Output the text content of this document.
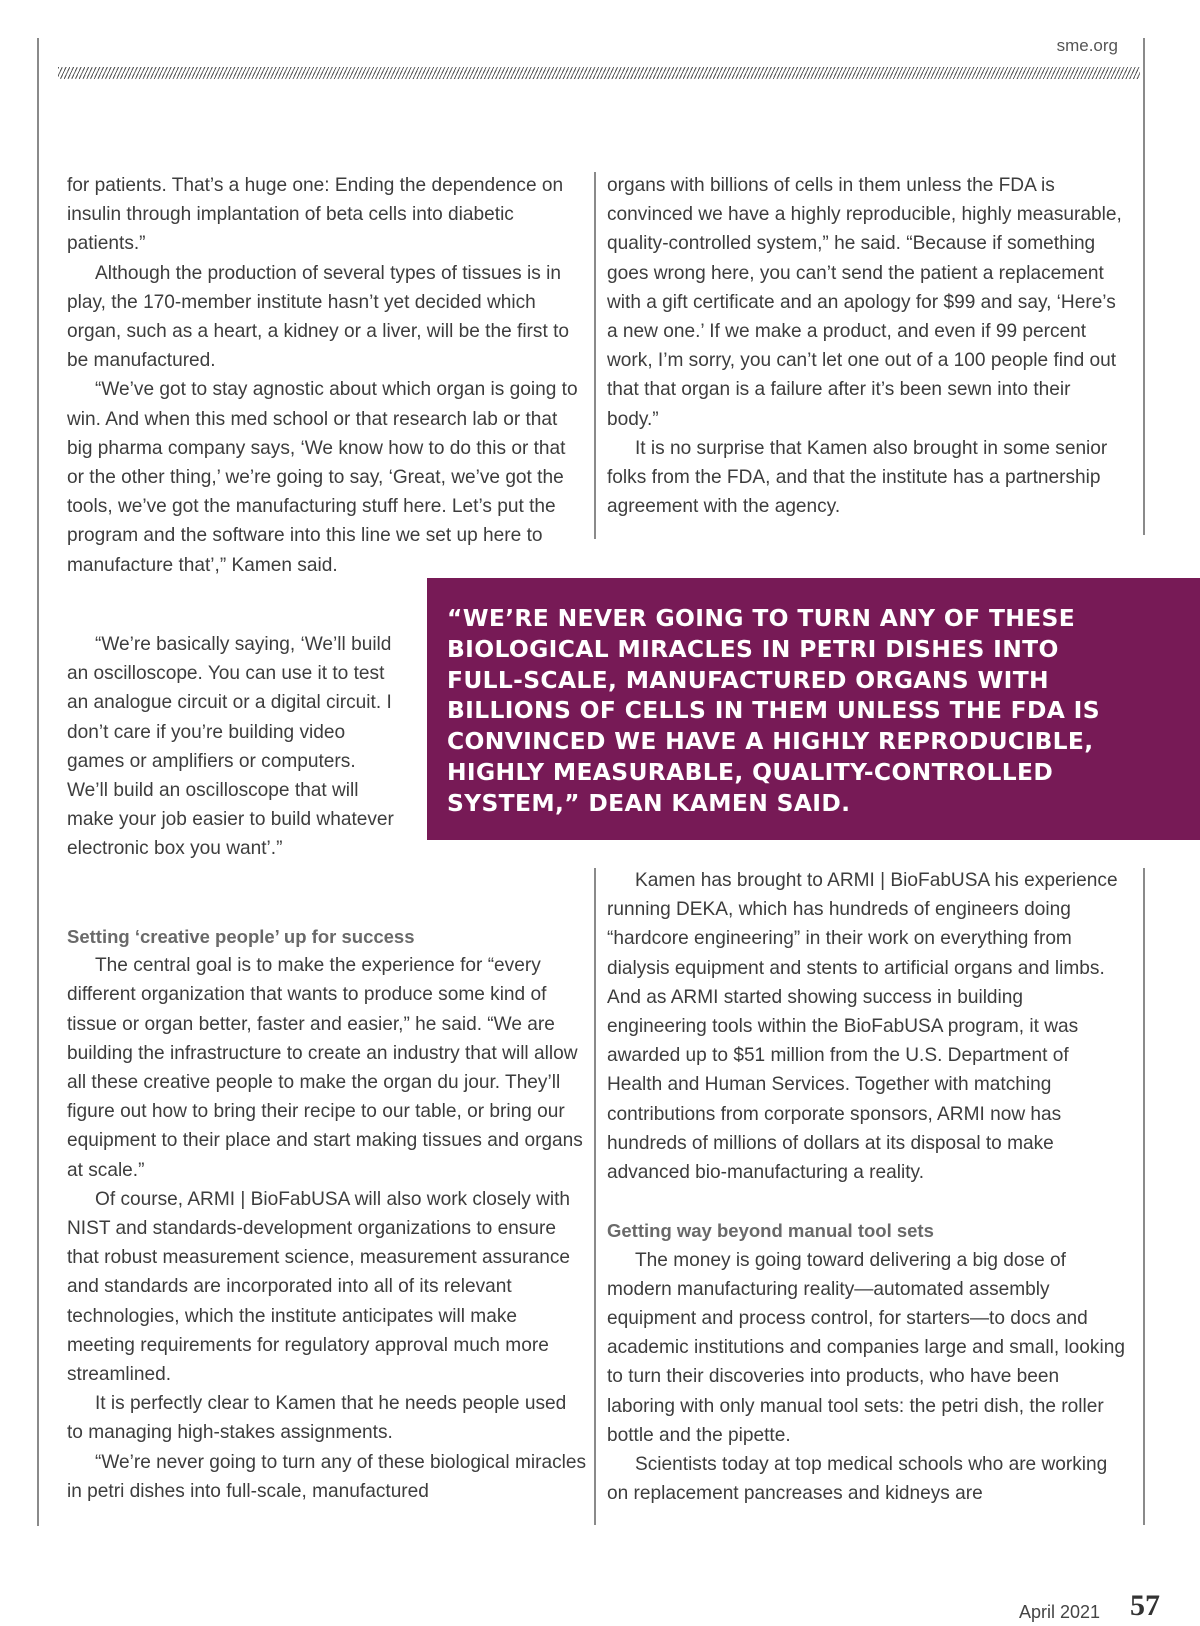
sme.org

for patients. That’s a huge one: Ending the dependence on insulin through implantation of beta cells into diabetic patients.”

Although the production of several types of tissues is in play, the 170-member institute hasn’t yet decided which organ, such as a heart, a kidney or a liver, will be the first to be manufactured.

“We’ve got to stay agnostic about which organ is going to win. And when this med school or that research lab or that big pharma company says, ‘We know how to do this or that or the other thing,’ we’re going to say, ‘Great, we’ve got the tools, we’ve got the manufacturing stuff here. Let’s put the program and the software into this line we set up here to manufacture that’,” Kamen said.

“We’re basically saying, ‘We’ll build an oscilloscope. You can use it to test an analogue circuit or a digital circuit. I don’t care if you’re building video games or amplifiers or computers. We’ll build an oscilloscope that will make your job easier to build whatever electronic box you want’.”

Setting ‘creative people’ up for success

The central goal is to make the experience for “every different organization that wants to produce some kind of tissue or organ better, faster and easier,” he said. “We are building the infrastructure to create an industry that will allow all these creative people to make the organ du jour. They’ll figure out how to bring their recipe to our table, or bring our equipment to their place and start making tissues and organs at scale.”

Of course, ARMI | BioFabUSA will also work closely with NIST and standards-development organizations to ensure that robust measurement science, measurement assurance and standards are incorporated into all of its relevant technologies, which the institute anticipates will make meeting requirements for regulatory approval much more streamlined.

It is perfectly clear to Kamen that he needs people used to managing high-stakes assignments.

“We’re never going to turn any of these biological miracles in petri dishes into full-scale, manufactured

organs with billions of cells in them unless the FDA is convinced we have a highly reproducible, highly measurable, quality-controlled system,” he said. “Because if something goes wrong here, you can’t send the patient a replacement with a gift certificate and an apology for $99 and say, ‘Here’s a new one.’ If we make a product, and even if 99 percent work, I’m sorry, you can’t let one out of a 100 people find out that that organ is a failure after it’s been sewn into their body.”

It is no surprise that Kamen also brought in some senior folks from the FDA, and that the institute has a partnership agreement with the agency.

“WE’RE NEVER GOING TO TURN ANY OF THESE
BIOLOGICAL MIRACLES IN PETRI DISHES INTO
FULL-SCALE, MANUFACTURED ORGANS WITH
BILLIONS OF CELLS IN THEM UNLESS THE FDA IS
CONVINCED WE HAVE A HIGHLY REPRODUCIBLE,
HIGHLY MEASURABLE, QUALITY-CONTROLLED
SYSTEM,” DEAN KAMEN SAID.

Kamen has brought to ARMI | BioFabUSA his experience running DEKA, which has hundreds of engineers doing “hardcore engineering” in their work on everything from dialysis equipment and stents to artificial organs and limbs. And as ARMI started showing success in building engineering tools within the BioFabUSA program, it was awarded up to $51 million from the U.S. Department of Health and Human Services. Together with matching contributions from corporate sponsors, ARMI now has hundreds of millions of dollars at its disposal to make advanced bio-manufacturing a reality.

Getting way beyond manual tool sets

The money is going toward delivering a big dose of modern manufacturing reality—automated assembly equipment and process control, for starters—to docs and academic institutions and companies large and small, looking to turn their discoveries into products, who have been laboring with only manual tool sets: the petri dish, the roller bottle and the pipette.

Scientists today at top medical schools who are working on replacement pancreases and kidneys are

April 2021 57
